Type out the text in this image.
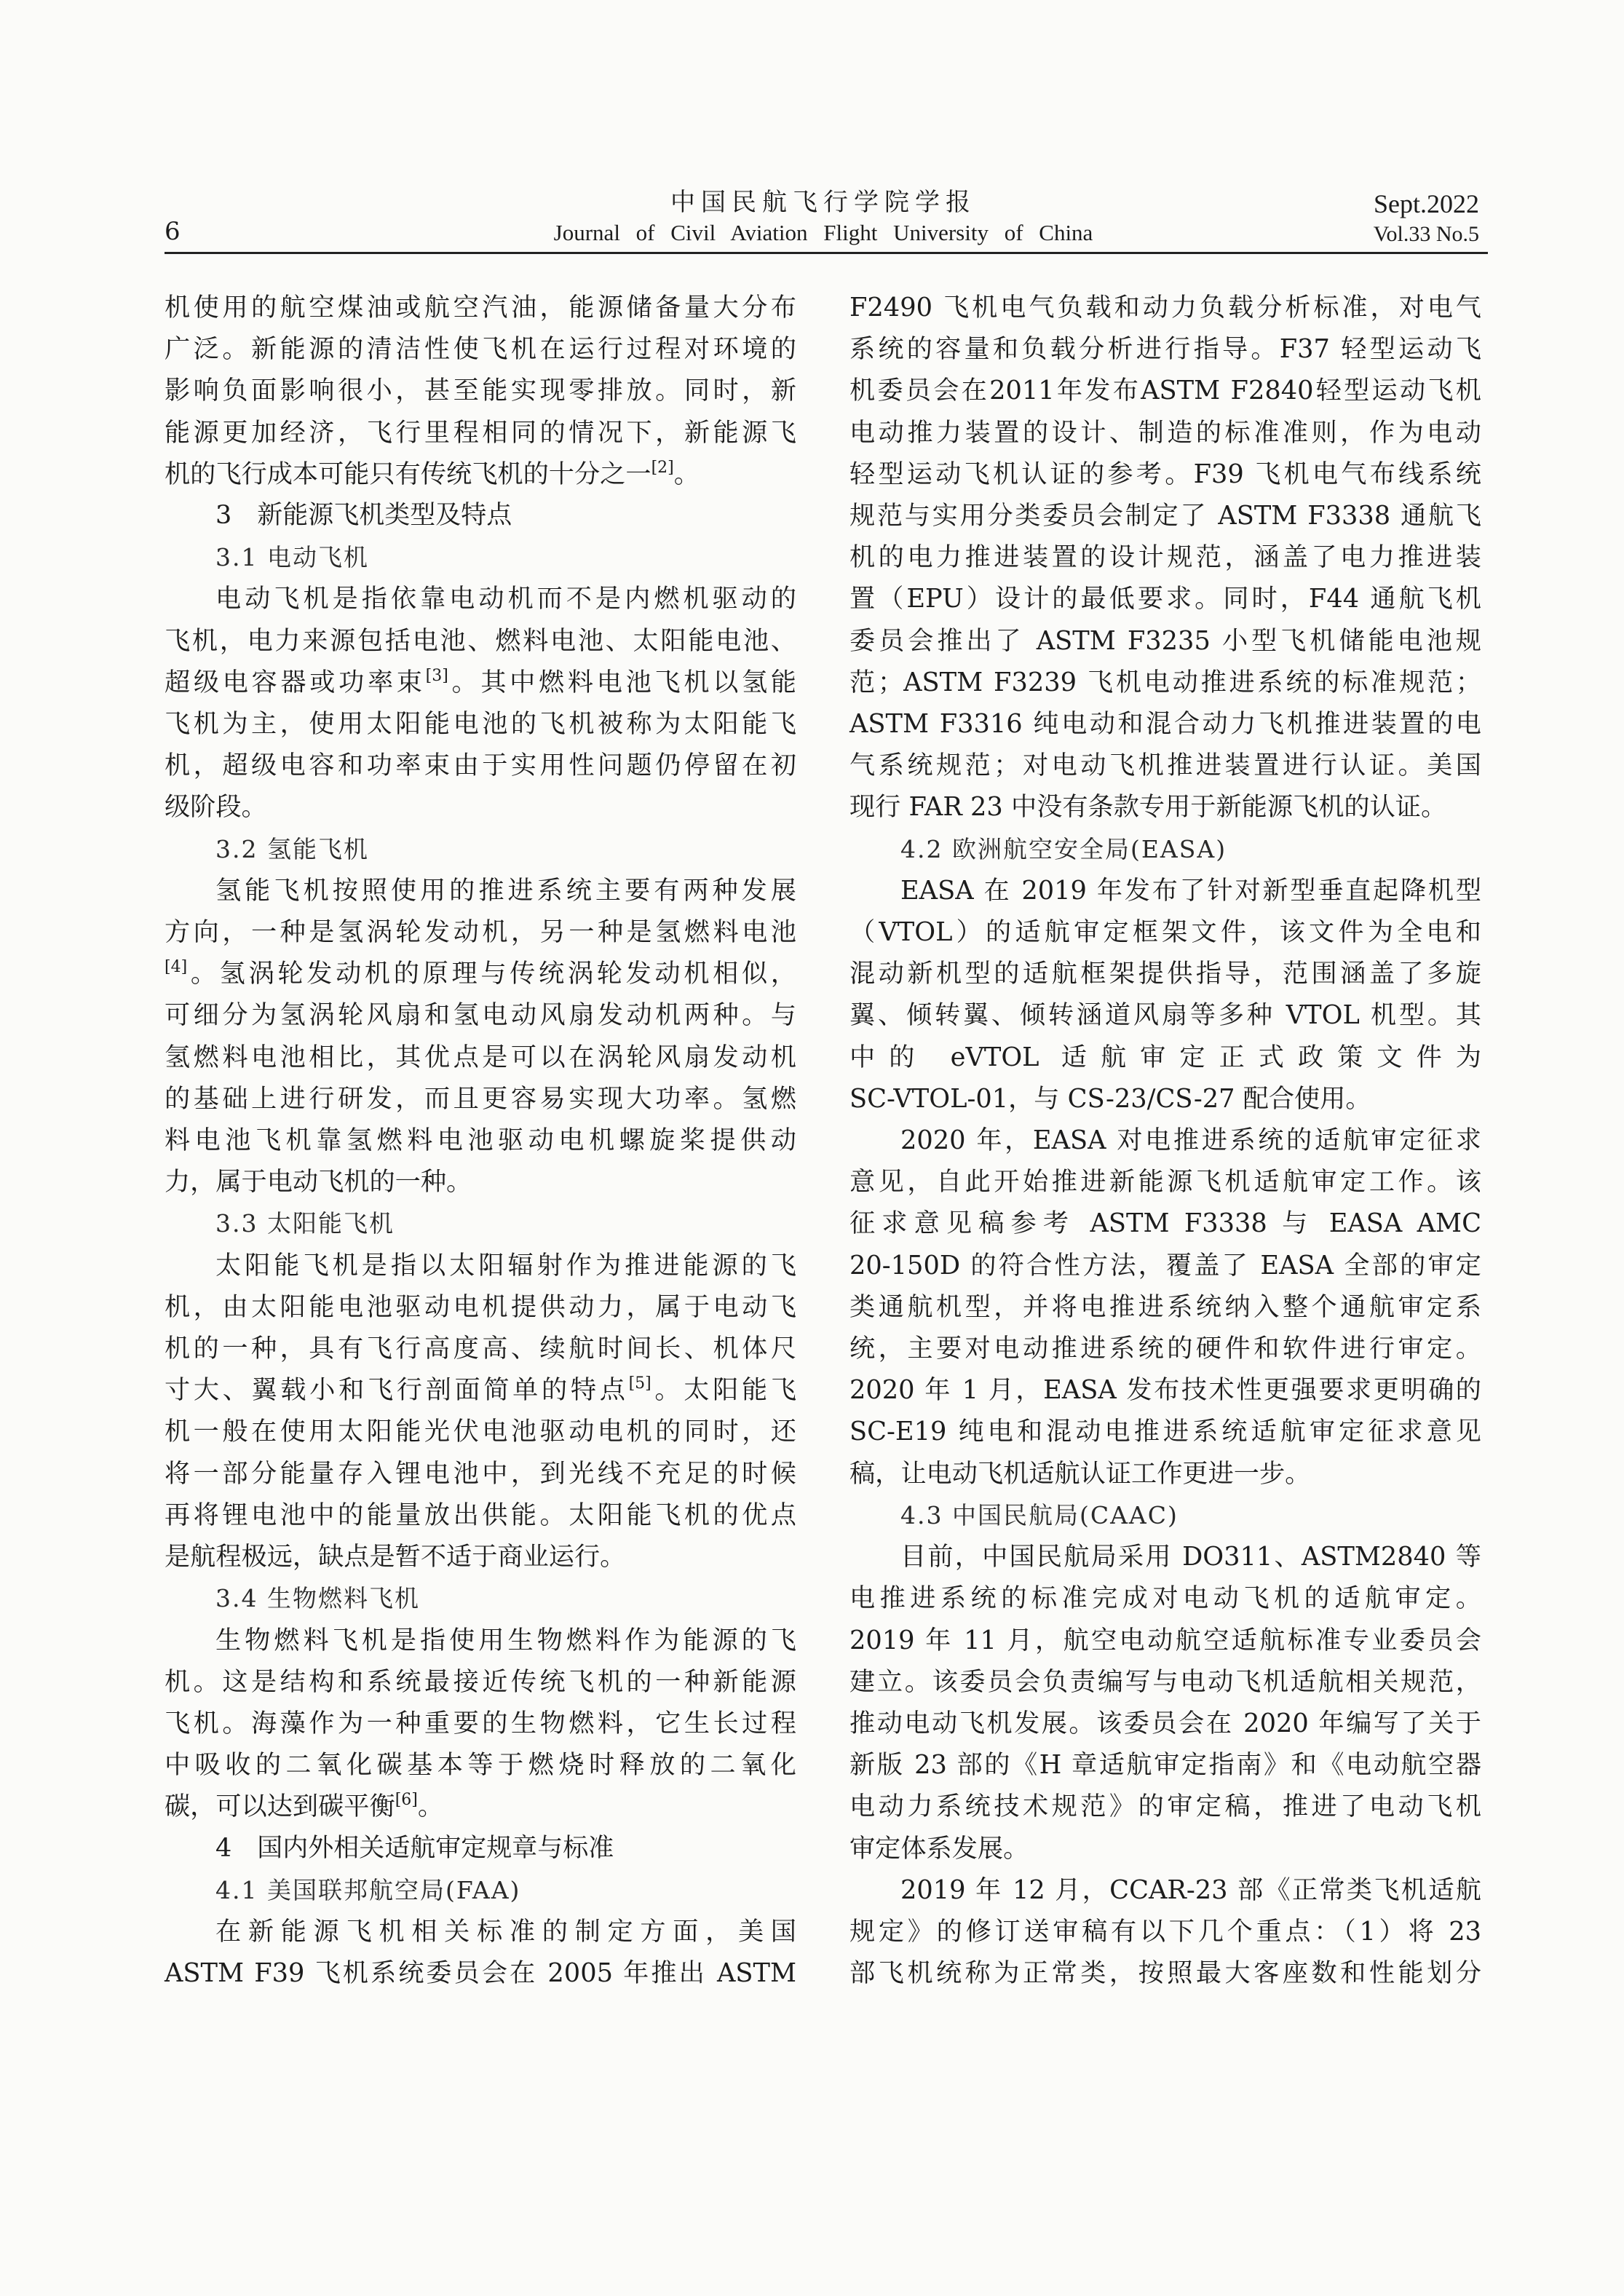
6
中国民航飞行学院学报
Journal of Civil Aviation Flight University of China
Sept.2022
Vol.33 No.5

机使用的航空煤油或航空汽油，能源储备量大分布
广泛。新能源的清洁性使飞机在运行过程对环境的
影响负面影响很小，甚至能实现零排放。同时，新
能源更加经济，飞行里程相同的情况下，新能源飞

机的飞行成本可能只有传统飞机的十分之一[2]。

3　新能源飞机类型及特点

3.1 电动飞机

电动飞机是指依靠电动机而不是内燃机驱动的

飞机，电力来源包括电池、燃料电池、太阳能电池、
超级电容器或功率束[3]。其中燃料电池飞机以氢能
飞机为主，使用太阳能电池的飞机被称为太阳能飞
机，超级电容和功率束由于实用性问题仍停留在初

级阶段。

3.2 氢能飞机

氢能飞机按照使用的推进系统主要有两种发展

方向，一种是氢涡轮发动机，另一种是氢燃料电池
[4]。氢涡轮发动机的原理与传统涡轮发动机相似，
可细分为氢涡轮风扇和氢电动风扇发动机两种。与
氢燃料电池相比，其优点是可以在涡轮风扇发动机
的基础上进行研发，而且更容易实现大功率。氢燃
料电池飞机靠氢燃料电池驱动电机螺旋桨提供动

力，属于电动飞机的一种。

3.3 太阳能飞机

太阳能飞机是指以太阳辐射作为推进能源的飞

机，由太阳能电池驱动电机提供动力，属于电动飞
机的一种，具有飞行高度高、续航时间长、机体尺
寸大、翼载小和飞行剖面简单的特点[5]。太阳能飞
机一般在使用太阳能光伏电池驱动电机的同时，还
将一部分能量存入锂电池中，到光线不充足的时候
再将锂电池中的能量放出供能。太阳能飞机的优点

是航程极远，缺点是暂不适于商业运行。

3.4 生物燃料飞机

生物燃料飞机是指使用生物燃料作为能源的飞

机。这是结构和系统最接近传统飞机的一种新能源
飞机。海藻作为一种重要的生物燃料，它生长过程
中吸收的二氧化碳基本等于燃烧时释放的二氧化

碳，可以达到碳平衡[6]。

4　国内外相关适航审定规章与标准

4.1 美国联邦航空局(FAA)

在新能源飞机相关标准的制定方面，美国

ASTM F39 飞机系统委员会在 2005 年推出 ASTM

F2490 飞机电气负载和动力负载分析标准，对电气
系统的容量和负载分析进行指导。F37 轻型运动飞
机委员会在2011年发布ASTM F2840轻型运动飞机
电动推力装置的设计、制造的标准准则，作为电动
轻型运动飞机认证的参考。F39 飞机电气布线系统
规范与实用分类委员会制定了 ASTM F3338 通航飞
机的电力推进装置的设计规范，涵盖了电力推进装
置（EPU）设计的最低要求。同时，F44 通航飞机
委员会推出了 ASTM F3235 小型飞机储能电池规
范；ASTM F3239 飞机电动推进系统的标准规范；
ASTM F3316 纯电动和混合动力飞机推进装置的电
气系统规范；对电动飞机推进装置进行认证。美国

现行 FAR 23 中没有条款专用于新能源飞机的认证。

4.2 欧洲航空安全局(EASA)

EASA 在 2019 年发布了针对新型垂直起降机型

（VTOL）的适航审定框架文件，该文件为全电和
混动新机型的适航框架提供指导，范围涵盖了多旋
翼、倾转翼、倾转涵道风扇等多种 VTOL 机型。其
中的 eVTOL 适航审定正式政策文件为

SC-VTOL-01，与 CS-23/CS-27 配合使用。

2020 年，EASA 对电推进系统的适航审定征求

意见，自此开始推进新能源飞机适航审定工作。该
征求意见稿参考 ASTM F3338 与 EASA AMC
20-150D 的符合性方法，覆盖了 EASA 全部的审定
类通航机型，并将电推进系统纳入整个通航审定系
统，主要对电动推进系统的硬件和软件进行审定。
2020 年 1 月，EASA 发布技术性更强要求更明确的
SC-E19 纯电和混动电推进系统适航审定征求意见

稿，让电动飞机适航认证工作更进一步。

4.3 中国民航局(CAAC)

目前，中国民航局采用 DO311、ASTM2840 等

电推进系统的标准完成对电动飞机的适航审定。
2019 年 11 月，航空电动航空适航标准专业委员会
建立。该委员会负责编写与电动飞机适航相关规范，
推动电动飞机发展。该委员会在 2020 年编写了关于
新版 23 部的《H 章适航审定指南》和《电动航空器
电动力系统技术规范》的审定稿，推进了电动飞机

审定体系发展。

2019 年 12 月，CCAR-23 部《正常类飞机适航

规定》的修订送审稿有以下几个重点：（1）将 23
部飞机统称为正常类，按照最大客座数和性能划分
